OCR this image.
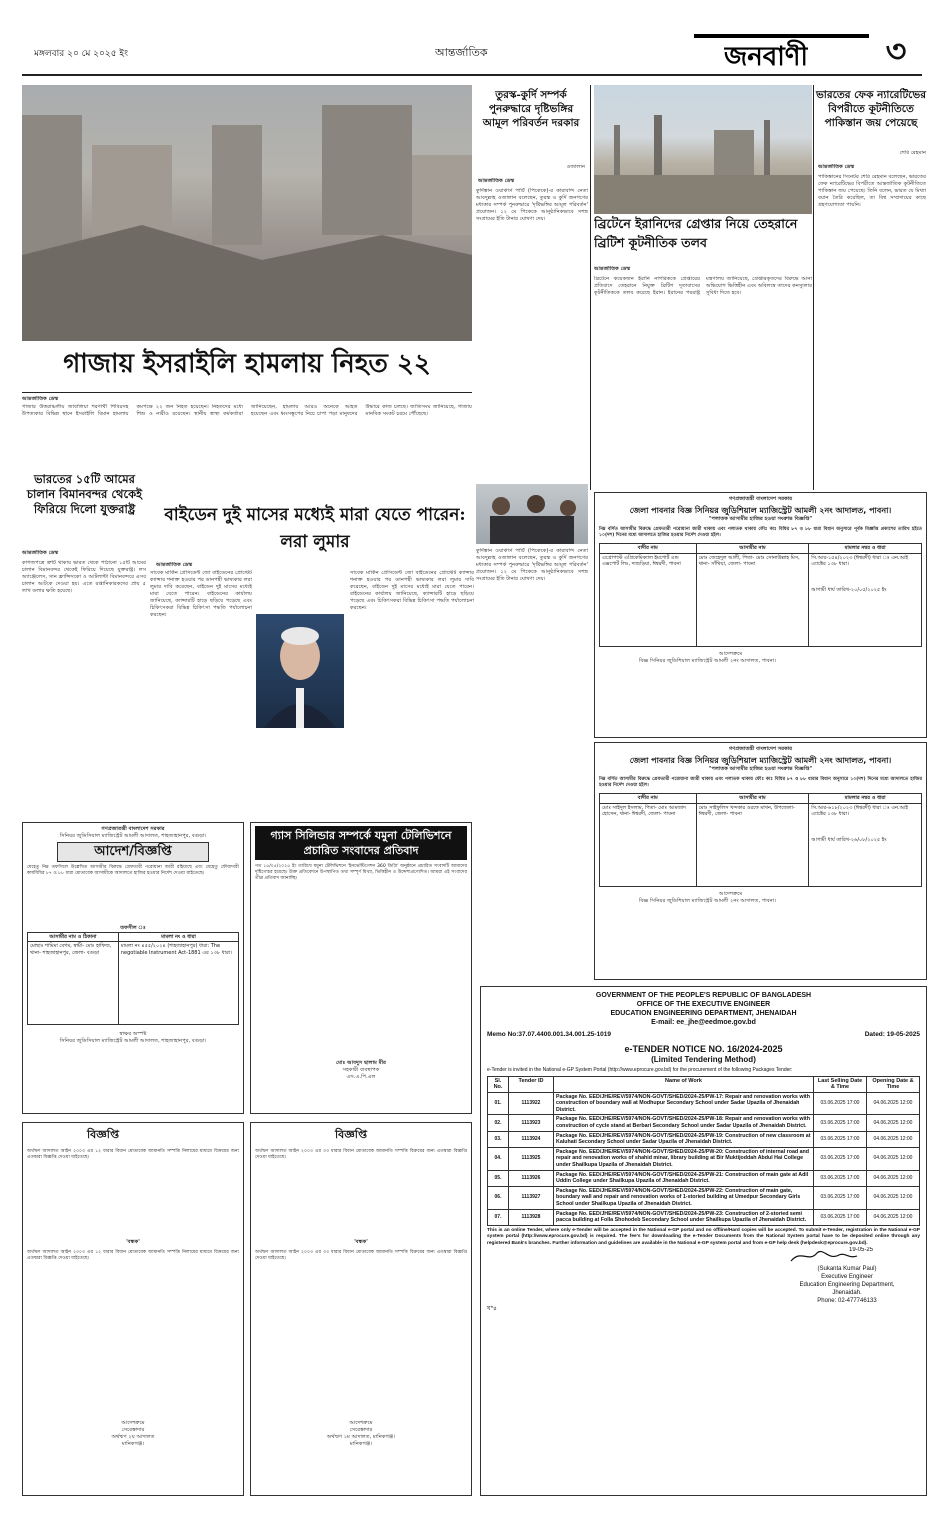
মঙ্গলবার ২০ মে ২০২৫ ইং	আন্তর্জাতিক	জনবাণী ৩
গাজায় ইসরাইলি হামলায় নিহত ২২
আন্তর্জাতিক ডেস্ক
গাজার উত্তরাঞ্চলীয় জাবালিয়া শরণার্থী শিবিরসহ উপত্যকার বিভিন্ন স্থানে ইসরাইলি বিমান হামলায় কমপক্ষে ২২ জন নিহত হয়েছেন। নিহতদের মধ্যে শিশু ও নারীও রয়েছেন। স্থানীয় স্বাস্থ্য কর্মকর্তারা জানিয়েছেন, হামলায় আরও অনেকে আহত হয়েছেন এবং ধ্বংসস্তূপের নিচে চাপা পড়া মানুষদের উদ্ধারে কাজ চলছে। জাতিসংঘ জানিয়েছে, গাজায় মানবিক সংকট চরমে পৌঁছেছে।
তুরস্ক-কুর্দি সম্পর্ক পুনরুদ্ধারে দৃষ্টিভঙ্গির আমূল পরিবর্তন দরকার
ওজালান
আন্তর্জাতিক ডেস্ক
কুর্দিস্তান ওয়ার্কার্স পার্টি (পিকেকে)-র কারাবন্দি নেতা আবদুল্লাহ ওজালান বলেছেন, তুরস্ক ও কুর্দি জনগণের মধ্যকার সম্পর্ক পুনরুদ্ধারে 'দৃষ্টিভঙ্গির আমূল পরিবর্তন' প্রয়োজন। ১২ মে পিকেকে আনুষ্ঠানিকভাবে সশস্ত্র সংগ্রামের ইতি টানার ঘোষণা দেয়।	ব্রিটেনে ইরানিদের গ্রেপ্তার নিয়ে তেহরানে ব্রিটিশ কূটনীতিক তলব
আন্তর্জাতিক ডেস্ক
ব্রিটেনে কয়েকজন ইরানি নাগরিককে গ্রেপ্তারের প্রতিবাদে তেহরানে নিযুক্ত ব্রিটিশ দূতাবাসের কূটনীতিককে তলব করেছে ইরান। ইরানের পররাষ্ট্র মন্ত্রণালয় জানিয়েছে, গ্রেপ্তারকৃতদের বিরুদ্ধে আনা অভিযোগ ভিত্তিহীন এবং অবিলম্বে তাদের কনস্যুলার সুবিধা দিতে হবে।
ভারতের ফেক ন্যারেটিভের বিপরীতে কূটনীতিতে পাকিস্তান জয় পেয়েছে
শেরি রেহমান
আন্তর্জাতিক ডেস্ক
পাকিস্তানের সিনেটর শেরি রেহমান বলেছেন, ভারতের ফেক ন্যারেটিভের বিপরীতে আন্তর্জাতিক কূটনীতিতে পাকিস্তান জয় পেয়েছে। তিনি বলেন, ভারত যে মিথ্যা বয়ান তৈরি করেছিল, তা বিশ্ব সম্প্রদায়ের কাছে গ্রহণযোগ্যতা পায়নি।
ভারতের ১৫টি আমের চালান বিমানবন্দর থেকেই ফিরিয়ে দিলো যুক্তরাষ্ট্র
আন্তর্জাতিক ডেস্ক
কাগজপত্রে ত্রুটি থাকায় ভারত থেকে পাঠানো ১৫টি আমের চালান বিমানবন্দর থেকেই ফিরিয়ে দিয়েছে যুক্তরাষ্ট্র। লস অ্যাঞ্জেলেস, সান ফ্রান্সিসকো ও আটলান্টা বিমানবন্দরে এসব চালান আটকে দেওয়া হয়। এতে রপ্তানিকারকদের প্রায় ৫ লাখ ডলার ক্ষতি হয়েছে।
বাইডেন দুই মাসের মধ্যেই মারা যেতে পারেন: লরা লুমার
আন্তর্জাতিক ডেস্ক
সাবেক মার্কিন প্রেসিডেন্ট জো বাইডেনের প্রোস্টেট ক্যান্সার শনাক্ত হওয়ার পর ডানপন্থী ভাষ্যকার লরা লুমার দাবি করেছেন, বাইডেন দুই মাসের মধ্যেই মারা যেতে পারেন। বাইডেনের কার্যালয় জানিয়েছে, ক্যান্সারটি হাড়ে ছড়িয়ে পড়েছে এবং চিকিৎসকরা বিভিন্ন চিকিৎসা পদ্ধতি পর্যালোচনা করছেন।
সাবেক মার্কিন প্রেসিডেন্ট জো বাইডেনের প্রোস্টেট ক্যান্সার শনাক্ত হওয়ার পর ডানপন্থী ভাষ্যকার লরা লুমার দাবি করেছেন, বাইডেন দুই মাসের মধ্যেই মারা যেতে পারেন। বাইডেনের কার্যালয় জানিয়েছে, ক্যান্সারটি হাড়ে ছড়িয়ে পড়েছে এবং চিকিৎসকরা বিভিন্ন চিকিৎসা পদ্ধতি পর্যালোচনা করছেন।
কুর্দিস্তান ওয়ার্কার্স পার্টি (পিকেকে)-র কারাবন্দি নেতা আবদুল্লাহ ওজালান বলেছেন, তুরস্ক ও কুর্দি জনগণের মধ্যকার সম্পর্ক পুনরুদ্ধারে 'দৃষ্টিভঙ্গির আমূল পরিবর্তন' প্রয়োজন। ১২ মে পিকেকে আনুষ্ঠানিকভাবে সশস্ত্র সংগ্রামের ইতি টানার ঘোষণা দেয়।
গণপ্রজাতন্ত্রী বাংলাদেশ সরকার
জেলা পাবনার বিজ্ঞ সিনিয়র জুডিশিয়াল ম্যাজিস্ট্রেট আমলী ২নং আদালত, পাবনা।
"পলাতক আসামীর হাজির হওয়া সংক্রান্ত বিজ্ঞপ্তি"
নিম্ন বর্ণিত আসামীর বিরুদ্ধে গ্রেফতারী পরোয়ানা জারী থাকায় এবং পলাতক থাকায় ফৌঃ কাঃ বিধির ৮৭ ও ৮৮ ধারা বিধান অনুসারে পূর্বক বিজ্ঞপ্তি প্রকাশের তারিখ হইতে ১০(দশ) দিনের মধ্যে আদালতে হাজির হওয়ার নির্দেশ দেওয়া হইল।
বাদীর নাম	আসামীর নাম	মামলার নম্বর ও ধারা
এগ্রোপাস্ট এগ্রিকেমিক্যাল ইমপোর্ট এন্ড এক্সপোর্ট লিঃ, দাশুড়িয়া, ঈশ্বরদী, পাবনা	মোঃ জেহেদুল আলী, পিতা- মোঃ সোনাউল্লাহ মিস, থানা- সাঁথিয়া, জেলা- পাবনা	সি.আর-১৫৪/২০২৩ (ঈশ্বরদী) ধারা ঃ এন.আই এ্যাক্টের ১৩৮ ধারা।
আগামী ধার্য তারিখ-২০/০৫/২০২৫ ইং
আদেশক্রমে
বিজ্ঞ সিনিয়র জুডিশিয়াল ম্যাজিস্ট্রেট আমলী ২নং আদালত, পাবনা।
গণপ্রজাতন্ত্রী বাংলাদেশ সরকার
জেলা পাবনার বিজ্ঞ সিনিয়র জুডিশিয়াল ম্যাজিস্ট্রেট আমলী ২নং আদালত, পাবনা।
"পলাতক আসামীর হাজির হওয়া সংক্রান্ত বিজ্ঞপ্তি"
নিম্ন বর্ণিত আসামীর বিরুদ্ধে গ্রেফতারী পরোয়ানা জারী থাকায় এবং পলাতক থাকায় ফৌঃ কাঃ বিধির ৮৭ ও ৮৮ ধারার বিধান অনুসারে ১০(দশ) দিনের মধ্যে আদালতে হাজির হওয়ার নির্দেশ দেওয়া হইল।
বাদীর নাম	আসামীর নাম	মামলার নম্বর ও ধারা
মোঃ সাইদুল ইসলাম, পিতা- মোঃ আমজাদ হোসেন, থানা- ঈশ্বরদী, জেলা- পাবনা	মোঃ সাইফুলিস খন্দকার ওরফে মাখন, উপজেলা- ঈশ্বরদী, জেলা- পাবনা	সি.আর-৬১৮/২০২৩ (ঈশ্বরদী) ধারা ঃ এন.আই এ্যাক্টের ১৩৮ ধারা।
আগামী ধার্য তারিখ-২৬/০৮/২০২৫ ইং
আদেশক্রমে
বিজ্ঞ সিনিয়র জুডিশিয়াল ম্যাজিস্ট্রেট আমলী ২নং আদালত, পাবনা।
গণপ্রজাতন্ত্রী বাংলাদেশ সরকার
সিনিয়র জুডিসিয়াল ম্যাজিস্ট্রেট আমলী আদালত, শাহজাহানপুর, বগুড়া।
আদেশ/বিজ্ঞপ্তি
যেহেতু নিম্ন তফসিলে উল্লেখিত আসামীর বিরুদ্ধে গ্রেফতারী পরোয়ানা জারী রহিয়াছে এবং যেহেতু ফৌজদারী কার্যবিধির ৮৭ ও ৮৮ ধারা মোতাবেক আসামীকে আদালতে হাজির হওয়ার নির্দেশ দেওয়া যাইতেছে।
তফসীল ঃ
আসামীর নাম ও ঠিকানা	মামলা নং ও ধারা
মোছাঃ শামিমা বেগম, স্বামী- মোঃ হাফিজ, থানা- শাহজাহানপুর, জেলা- বগুড়া	মামলা নং ৪৫৫/২০২৪ (শাহজাহানপুর) ধারা: The negotiable Instrument Act-1881 এর ১৩৮ ধারা।
স্বাক্ষর অস্পষ্ট
সিনিয়র জুডিসিয়াল ম্যাজিস্ট্রেট আমলী আদালত, শাহজাহানপুর, বগুড়া।
গ্যাস সিলিন্ডার সম্পর্কে যমুনা টেলিভিশনে প্রচারিত সংবাদের প্রতিবাদ
গত ১৫/০৫/২০২৫ ইং তারিখে যমুনা টেলিভিশনে 'ইনভেস্টিগেশন 360 ডিগ্রি' অনুষ্ঠানে প্রচারিত সংবাদটি আমাদের দৃষ্টিগোচর হয়েছে। উক্ত প্রতিবেদনে উপস্থাপিত তথ্য সম্পূর্ণ মিথ্যা, ভিত্তিহীন ও উদ্দেশ্যপ্রণোদিত। আমরা এই সংবাদের তীব্র প্রতিবাদ জানাচ্ছি।
মোঃ আবদুস ছালাম মীর
সহকারী ব্যবস্থাপক
এস.এ.পি.এল
বিজ্ঞপ্তি
অর্থঋণ আদালত আইন ২০০৩ এর ১২ ধারার বিধান মোতাবেক জামানতি সম্পত্তি নিলামের মাধ্যমে বিক্রয়ের জন্য এতদ্বারা বিজ্ঞপ্তি দেওয়া যাইতেছে।
'বন্ধক'
অর্থঋণ আদালত আইন ২০০৩ এর ১২ ধারার বিধান মোতাবেক জামানতি সম্পত্তি নিলামের মাধ্যমে বিক্রয়ের জন্য এতদ্বারা বিজ্ঞপ্তি দেওয়া যাইতেছে।
আদেশক্রমে
সেরেস্তাদার
অর্থঋণ ২য় আদালত
মানিকগঞ্জ।
বিজ্ঞপ্তি
অর্থঋণ আদালত আইন ২০০৩ এর ৩৩ ধারার বিধান মোতাবেক জামানতি সম্পত্তি বিক্রয়ের জন্য এতদ্বারা বিজ্ঞপ্তি দেওয়া যাইতেছে।
'বন্ধক'
অর্থঋণ আদালত আইন ২০০৩ এর ৩৩ ধারার বিধান মোতাবেক জামানতি সম্পত্তি বিক্রয়ের জন্য এতদ্বারা বিজ্ঞপ্তি দেওয়া যাইতেছে।
আদেশক্রমে
সেরেস্তাদার
অর্থঋণ ১ম আদালত, মানিকগঞ্জ।
মানিকগঞ্জ।
GOVERNMENT OF THE PEOPLE'S REPUBLIC OF BANGLADESH
OFFICE OF THE EXECUTIVE ENGINEER
EDUCATION ENGINEERING DEPARTMENT, JHENAIDAH
E-mail: ee_jhe@eedmoe.gov.bd
Memo No:37.07.4400.001.34.001.25-1019	Dated: 19-05-2025
e-TENDER NOTICE NO. 16/2024-2025
(Limited Tendering Method)
e-Tender is invited in the National e-GP System Portal (http://www.eprocure.gov.bd) for the procurement of the following Packages Tender:
Sl. No.	Tender ID	Name of Work	Last Selling Date & Time	Opening Date & Time
01.	1113922	Package No. EED/JHE/REV/5974/NON-GOVT/SHED/2024-25/PW-17: Repair and renovation works with construction of boundary wall at Modhupur Secondary School under Sadar Upazila of Jhenaidah District.	03.06.2025 17:00	04.06.2025 12:00
02.	1113923	Package No. EED/JHE/REV/5974/NON-GOVT/SHED/2024-25/PW-18: Repair and renovation works with construction of cycle stand at Berbari Secondary School under Sadar Upazila of Jhenaidah District.	03.06.2025 17:00	04.06.2025 12:00
03.	1113924	Package No. EED/JHE/REV/5974/NON-GOVT/SHED/2024-25/PW-19: Construction of new classroom at Kaluhati Secondary School under Sadar Upazila of Jhenaidah District.	03.06.2025 17:00	04.06.2025 12:00
04.	1113925	Package No. EED/JHE/REV/5974/NON-GOVT/SHED/2024-25/PW-20: Construction of internal road and repair and renovation works of shahid minar, library building at Bir Muktijoddah Abdul Hai College under Shailkupa Upazila of Jhenaidah District.	03.06.2025 17:00	04.06.2025 12:00
05.	1113926	Package No. EED/JHE/REV/5974/NON-GOVT/SHED/2024-25/PW-21: Construction of main gate at Adil Uddin College under Shailkupa Upazila of Jhenaidah District.	03.06.2025 17:00	04.06.2025 12:00
06.	1113927	Package No. EED/JHE/REV/5974/NON-GOVT/SHED/2024-25/PW-22: Construction of main gate, boundary wall and repair and renovation works of 1-storied building at Umedpur Secondary Girls School under Shailkupa Upazila of Jhenaidah District.	03.06.2025 17:00	04.06.2025 12:00
07.	1113928	Package No. EED/JHE/REV/5974/NON-GOVT/SHED/2024-25/PW-23: Construction of 2-storied semi pacca building at Folla Shohodeb Secondary School under Shailkupa Upazila of Jhenaidah District.	03.06.2025 17:00	04.06.2025 12:00
This is an online Tender, where only e-Tender will be accepted in the National e-GP portal and no offline/Hard copies will be accepted. To submit e-Tender, registration in the National e-GP system portal (http://www.eprocure.gov.bd) is required. The fee's for downloading the e-Tender Documents from the National System portal have to be deposited online through any registered Bank's branches. Further information and guidelines are available in the National e-GP system portal and from e-GP help desk (helpdesk@eprocure.gov.bd).
ঘ*৪
19-05-25
(Sukanta Kumar Paul)
Executive Engineer
Education Engineering Department,
Jhenaidah.
Phone: 02-477746133
